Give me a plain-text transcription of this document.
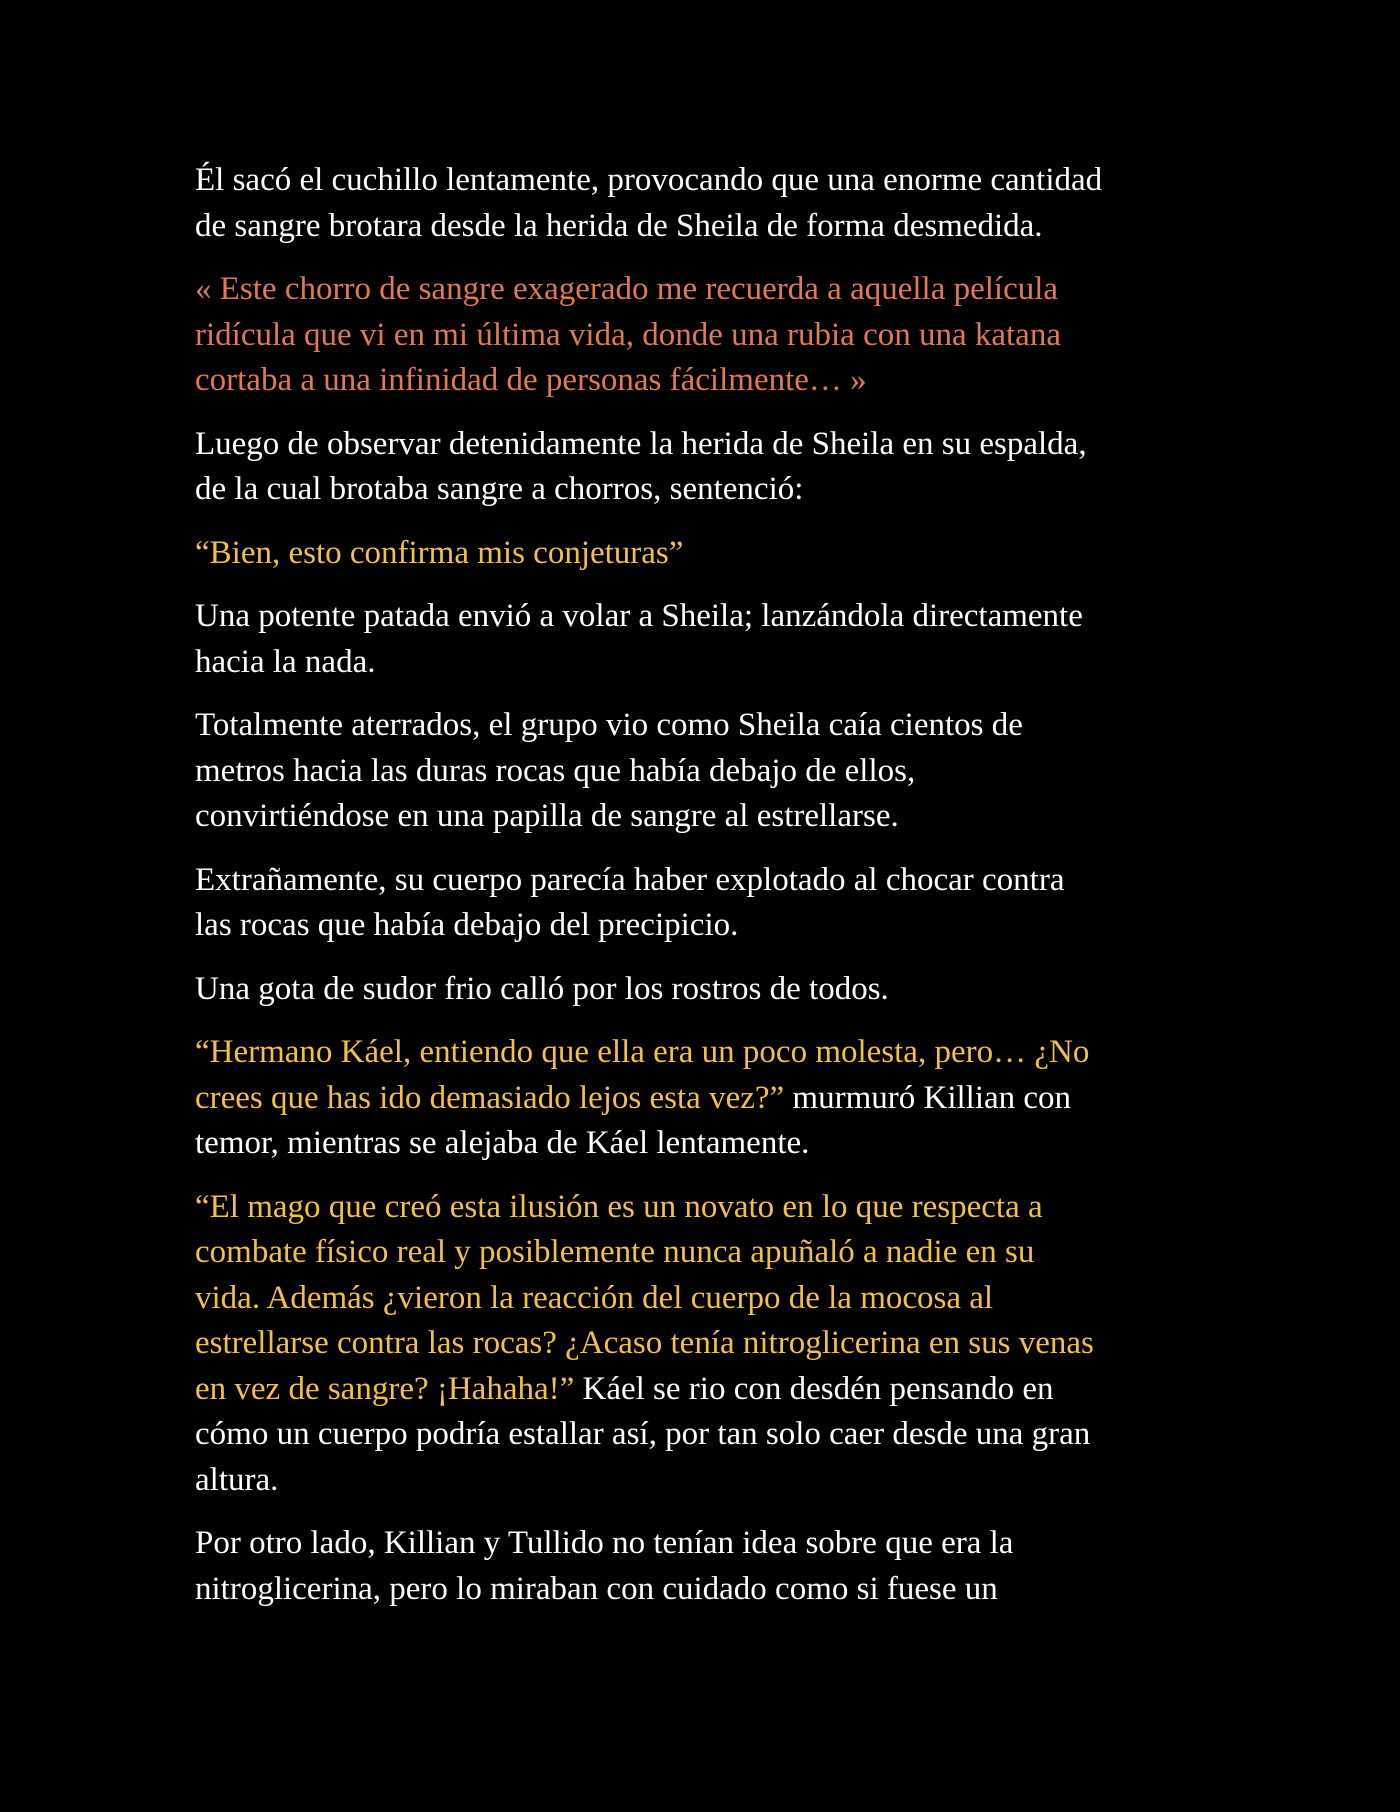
Él sacó el cuchillo lentamente, provocando que una enorme cantidad
de sangre brotara desde la herida de Sheila de forma desmedida.

« Este chorro de sangre exagerado me recuerda a aquella película
ridícula que vi en mi última vida, donde una rubia con una katana
cortaba a una infinidad de personas fácilmente… »

Luego de observar detenidamente la herida de Sheila en su espalda,
de la cual brotaba sangre a chorros, sentenció:

“Bien, esto confirma mis conjeturas”

Una potente patada envió a volar a Sheila; lanzándola directamente
hacia la nada.

Totalmente aterrados, el grupo vio como Sheila caía cientos de
metros hacia las duras rocas que había debajo de ellos,
convirtiéndose en una papilla de sangre al estrellarse.

Extrañamente, su cuerpo parecía haber explotado al chocar contra
las rocas que había debajo del precipicio.

Una gota de sudor frio calló por los rostros de todos.

“Hermano Káel, entiendo que ella era un poco molesta, pero… ¿No
crees que has ido demasiado lejos esta vez?” murmuró Killian con
temor, mientras se alejaba de Káel lentamente.

“El mago que creó esta ilusión es un novato en lo que respecta a
combate físico real y posiblemente nunca apuñaló a nadie en su
vida. Además ¿vieron la reacción del cuerpo de la mocosa al
estrellarse contra las rocas? ¿Acaso tenía nitroglicerina en sus venas
en vez de sangre? ¡Hahaha!” Káel se rio con desdén pensando en
cómo un cuerpo podría estallar así, por tan solo caer desde una gran
altura.

Por otro lado, Killian y Tullido no tenían idea sobre que era la
nitroglicerina, pero lo miraban con cuidado como si fuese un
